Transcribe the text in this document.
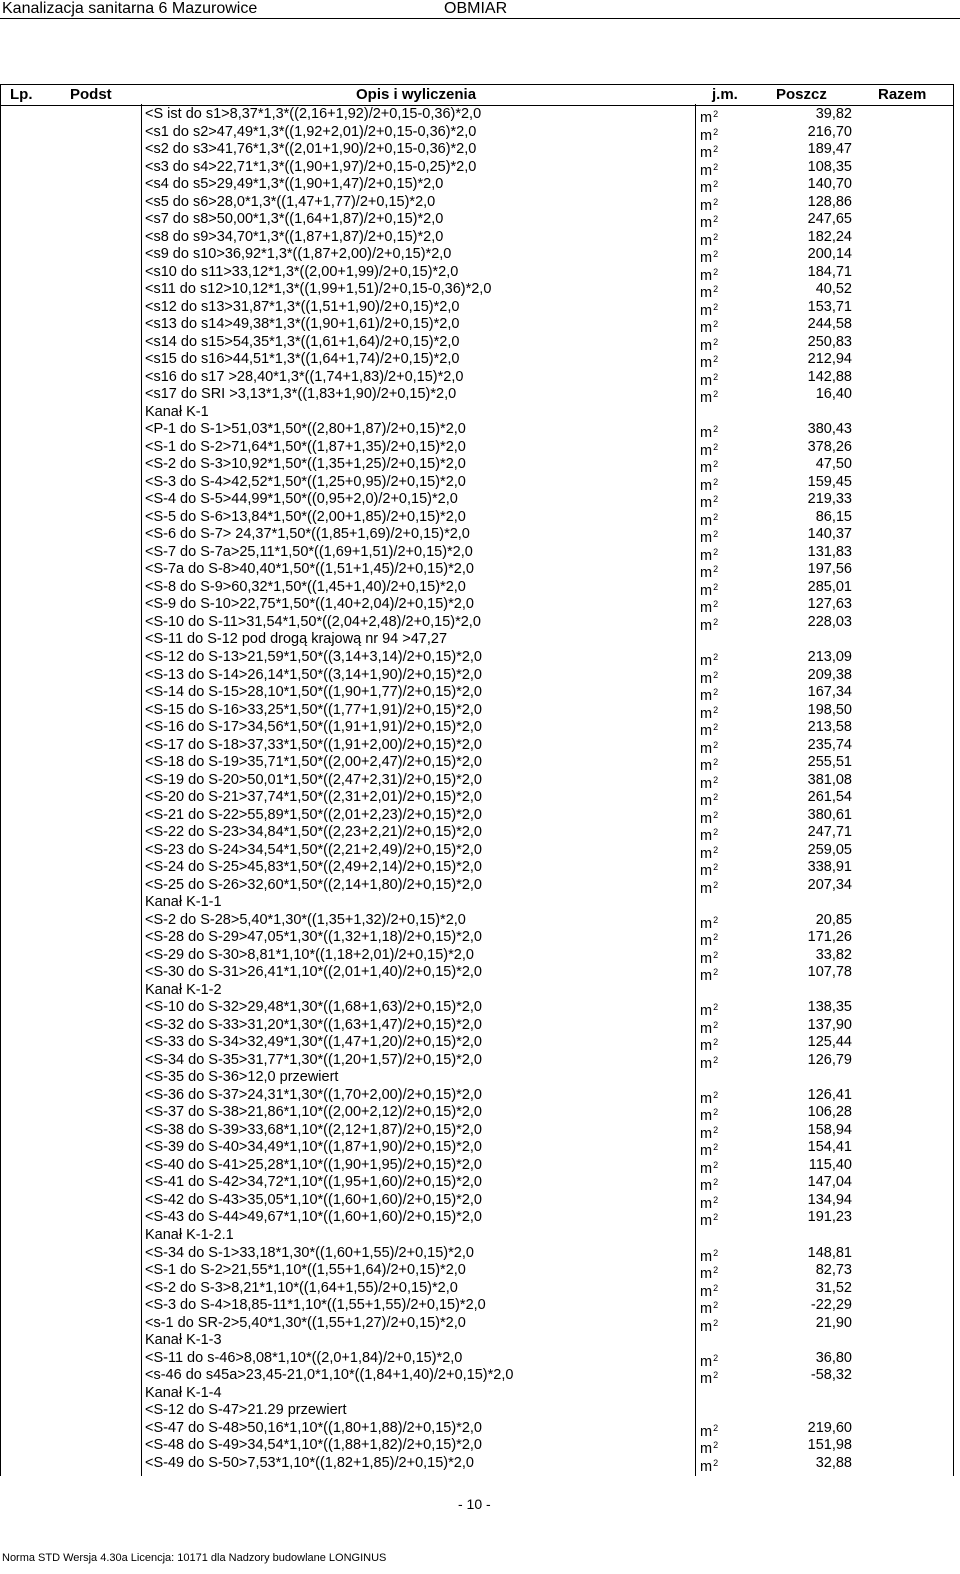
Kanalizacja sanitarna 6 Mazurowice	OBMIAR
Lp.	Podst	Opis i wyliczenia	j.m.	Poszcz	Razem
<S ist do s1>8,37*1,3*((2,16+1,92)/2+0,15-0,36)*2,0	$m^2$	39,82
<s1 do s2>47,49*1,3*((1,92+2,01)/2+0,15-0,36)*2,0	$m^2$	216,70
<s2 do s3>41,76*1,3*((2,01+1,90)/2+0,15-0,36)*2,0	$m^2$	189,47
<s3 do s4>22,71*1,3*((1,90+1,97)/2+0,15-0,25)*2,0	$m^2$	108,35
<s4 do s5>29,49*1,3*((1,90+1,47)/2+0,15)*2,0	$m^2$	140,70
<s5 do s6>28,0*1,3*((1,47+1,77)/2+0,15)*2,0	$m^2$	128,86
<s7 do s8>50,00*1,3*((1,64+1,87)/2+0,15)*2,0	$m^2$	247,65
<s8 do s9>34,70*1,3*((1,87+1,87)/2+0,15)*2,0	$m^2$	182,24
<s9 do s10>36,92*1,3*((1,87+2,00)/2+0,15)*2,0	$m^2$	200,14
<s10 do s11>33,12*1,3*((2,00+1,99)/2+0,15)*2,0	$m^2$	184,71
<s11 do s12>10,12*1,3*((1,99+1,51)/2+0,15-0,36)*2,0	$m^2$	40,52
<s12 do s13>31,87*1,3*((1,51+1,90)/2+0,15)*2,0	$m^2$	153,71
<s13 do s14>49,38*1,3*((1,90+1,61)/2+0,15)*2,0	$m^2$	244,58
<s14 do s15>54,35*1,3*((1,61+1,64)/2+0,15)*2,0	$m^2$	250,83
<s15 do s16>44,51*1,3*((1,64+1,74)/2+0,15)*2,0	$m^2$	212,94
<s16 do s17 >28,40*1,3*((1,74+1,83)/2+0,15)*2,0	$m^2$	142,88
<s17 do SRI >3,13*1,3*((1,83+1,90)/2+0,15)*2,0	$m^2$	16,40
Kanał K-1
<P-1 do S-1>51,03*1,50*((2,80+1,87)/2+0,15)*2,0	$m^2$	380,43
<S-1 do S-2>71,64*1,50*((1,87+1,35)/2+0,15)*2,0	$m^2$	378,26
<S-2 do S-3>10,92*1,50*((1,35+1,25)/2+0,15)*2,0	$m^2$	47,50
<S-3 do S-4>42,52*1,50*((1,25+0,95)/2+0,15)*2,0	$m^2$	159,45
<S-4 do S-5>44,99*1,50*((0,95+2,0)/2+0,15)*2,0	$m^2$	219,33
<S-5 do S-6>13,84*1,50*((2,00+1,85)/2+0,15)*2,0	$m^2$	86,15
<S-6 do S-7> 24,37*1,50*((1,85+1,69)/2+0,15)*2,0	$m^2$	140,37
<S-7 do S-7a>25,11*1,50*((1,69+1,51)/2+0,15)*2,0	$m^2$	131,83
<S-7a do S-8>40,40*1,50*((1,51+1,45)/2+0,15)*2,0	$m^2$	197,56
<S-8 do S-9>60,32*1,50*((1,45+1,40)/2+0,15)*2,0	$m^2$	285,01
<S-9 do S-10>22,75*1,50*((1,40+2,04)/2+0,15)*2,0	$m^2$	127,63
<S-10 do S-11>31,54*1,50*((2,04+2,48)/2+0,15)*2,0	$m^2$	228,03
<S-11 do S-12 pod drogą krajową nr 94 >47,27
<S-12 do S-13>21,59*1,50*((3,14+3,14)/2+0,15)*2,0	$m^2$	213,09
<S-13 do S-14>26,14*1,50*((3,14+1,90)/2+0,15)*2,0	$m^2$	209,38
<S-14 do S-15>28,10*1,50*((1,90+1,77)/2+0,15)*2,0	$m^2$	167,34
<S-15 do S-16>33,25*1,50*((1,77+1,91)/2+0,15)*2,0	$m^2$	198,50
<S-16 do S-17>34,56*1,50*((1,91+1,91)/2+0,15)*2,0	$m^2$	213,58
<S-17 do S-18>37,33*1,50*((1,91+2,00)/2+0,15)*2,0	$m^2$	235,74
<S-18 do S-19>35,71*1,50*((2,00+2,47)/2+0,15)*2,0	$m^2$	255,51
<S-19 do S-20>50,01*1,50*((2,47+2,31)/2+0,15)*2,0	$m^2$	381,08
<S-20 do S-21>37,74*1,50*((2,31+2,01)/2+0,15)*2,0	$m^2$	261,54
<S-21 do S-22>55,89*1,50*((2,01+2,23)/2+0,15)*2,0	$m^2$	380,61
<S-22 do S-23>34,84*1,50*((2,23+2,21)/2+0,15)*2,0	$m^2$	247,71
<S-23 do S-24>34,54*1,50*((2,21+2,49)/2+0,15)*2,0	$m^2$	259,05
<S-24 do S-25>45,83*1,50*((2,49+2,14)/2+0,15)*2,0	$m^2$	338,91
<S-25 do S-26>32,60*1,50*((2,14+1,80)/2+0,15)*2,0	$m^2$	207,34
Kanał K-1-1
<S-2 do S-28>5,40*1,30*((1,35+1,32)/2+0,15)*2,0	$m^2$	20,85
<S-28 do S-29>47,05*1,30*((1,32+1,18)/2+0,15)*2,0	$m^2$	171,26
<S-29 do S-30>8,81*1,10*((1,18+2,01)/2+0,15)*2,0	$m^2$	33,82
<S-30 do S-31>26,41*1,10*((2,01+1,40)/2+0,15)*2,0	$m^2$	107,78
Kanał K-1-2
<S-10 do S-32>29,48*1,30*((1,68+1,63)/2+0,15)*2,0	$m^2$	138,35
<S-32 do S-33>31,20*1,30*((1,63+1,47)/2+0,15)*2,0	$m^2$	137,90
<S-33 do S-34>32,49*1,30*((1,47+1,20)/2+0,15)*2,0	$m^2$	125,44
<S-34 do S-35>31,77*1,30*((1,20+1,57)/2+0,15)*2,0	$m^2$	126,79
<S-35 do S-36>12,0 przewiert
<S-36 do S-37>24,31*1,30*((1,70+2,00)/2+0,15)*2,0	$m^2$	126,41
<S-37 do S-38>21,86*1,10*((2,00+2,12)/2+0,15)*2,0	$m^2$	106,28
<S-38 do S-39>33,68*1,10*((2,12+1,87)/2+0,15)*2,0	$m^2$	158,94
<S-39 do S-40>34,49*1,10*((1,87+1,90)/2+0,15)*2,0	$m^2$	154,41
<S-40 do S-41>25,28*1,10*((1,90+1,95)/2+0,15)*2,0	$m^2$	115,40
<S-41 do S-42>34,72*1,10*((1,95+1,60)/2+0,15)*2,0	$m^2$	147,04
<S-42 do S-43>35,05*1,10*((1,60+1,60)/2+0,15)*2,0	$m^2$	134,94
<S-43 do S-44>49,67*1,10*((1,60+1,60)/2+0,15)*2,0	$m^2$	191,23
Kanał K-1-2.1
<S-34 do S-1>33,18*1,30*((1,60+1,55)/2+0,15)*2,0	$m^2$	148,81
<S-1 do S-2>21,55*1,10*((1,55+1,64)/2+0,15)*2,0	$m^2$	82,73
<S-2 do S-3>8,21*1,10*((1,64+1,55)/2+0,15)*2,0	$m^2$	31,52
<S-3 do S-4>18,85-11*1,10*((1,55+1,55)/2+0,15)*2,0	$m^2$	-22,29
<s-1 do SR-2>5,40*1,30*((1,55+1,27)/2+0,15)*2,0	$m^2$	21,90
Kanał K-1-3
<S-11 do s-46>8,08*1,10*((2,0+1,84)/2+0,15)*2,0	$m^2$	36,80
<s-46 do s45a>23,45-21,0*1,10*((1,84+1,40)/2+0,15)*2,0	$m^2$	-58,32
Kanał K-1-4
<S-12 do S-47>21.29 przewiert
<S-47 do S-48>50,16*1,10*((1,80+1,88)/2+0,15)*2,0	$m^2$	219,60
<S-48 do S-49>34,54*1,10*((1,88+1,82)/2+0,15)*2,0	$m^2$	151,98
<S-49 do S-50>7,53*1,10*((1,82+1,85)/2+0,15)*2,0	$m^2$	32,88
- 10 -
Norma STD Wersja 4.30a Licencja: 10171 dla Nadzory budowlane LONGINUS
